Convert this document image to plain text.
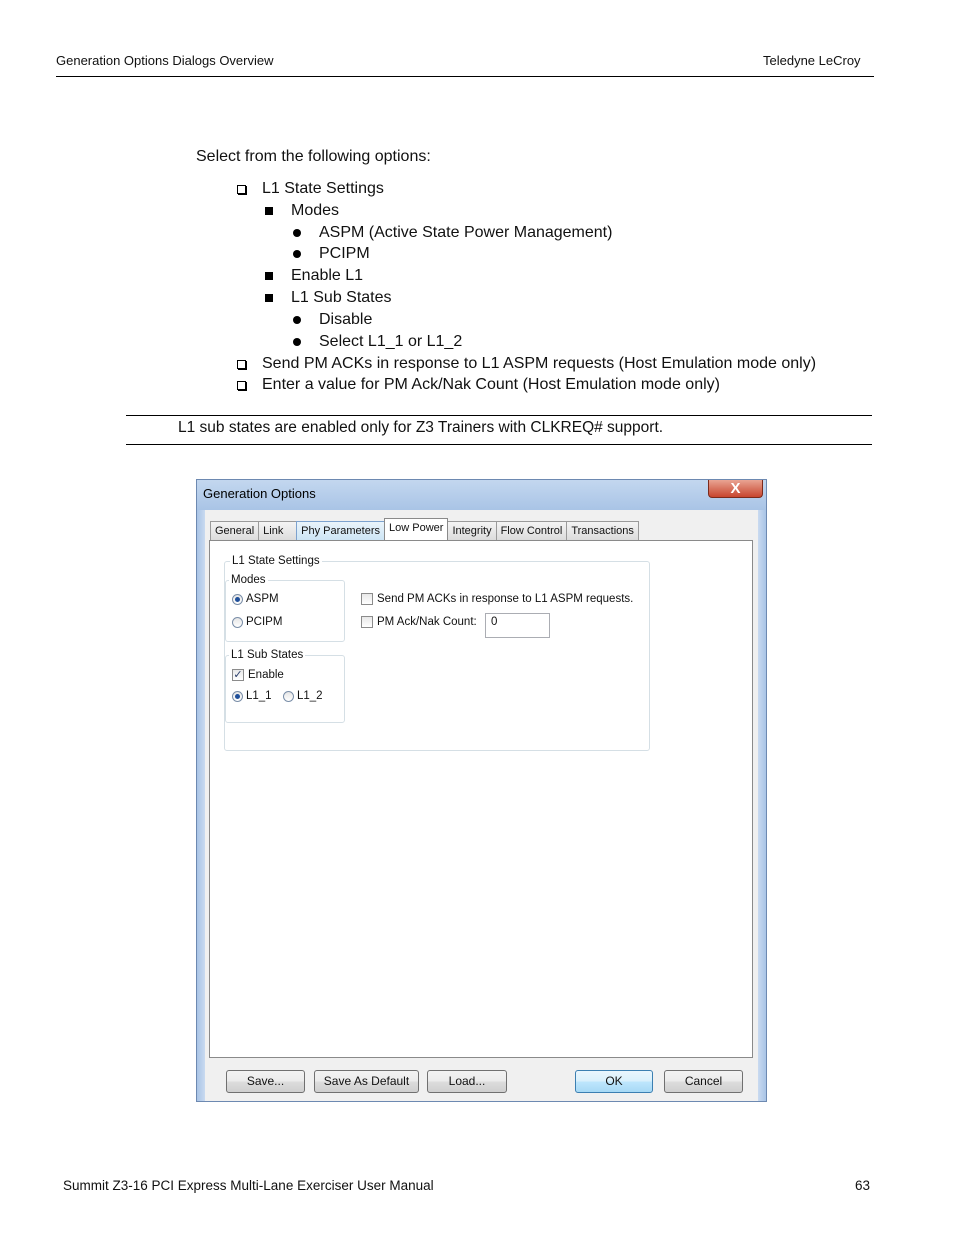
Generation Options Dialogs Overview	Teledyne LeCroy
Select from the following options:
L1 State Settings
Modes
ASPM (Active State Power Management)
PCIPM
Enable L1
L1 Sub States
Disable
Select L1_1 or L1_2
Send PM ACKs in response to L1 ASPM requests (Host Emulation mode only)
Enter a value for PM Ack/Nak Count (Host Emulation mode only)
L1 sub states are enabled only for Z3 Trainers with CLKREQ# support.
Generation Options	X
General Link	Phy Parameters Low Power Integrity Flow Control Transactions
L1 State Settings
Modes
ASPM
PCIPM
L1 Sub States
✓ Enable
L1_1 L1_2
Send PM ACKs in response to L1 ASPM requests.
PM Ack/Nak Count:	0
Save...	Save As Default	Load...	OK	Cancel
Summit Z3-16 PCI Express Multi-Lane Exerciser User Manual	63
